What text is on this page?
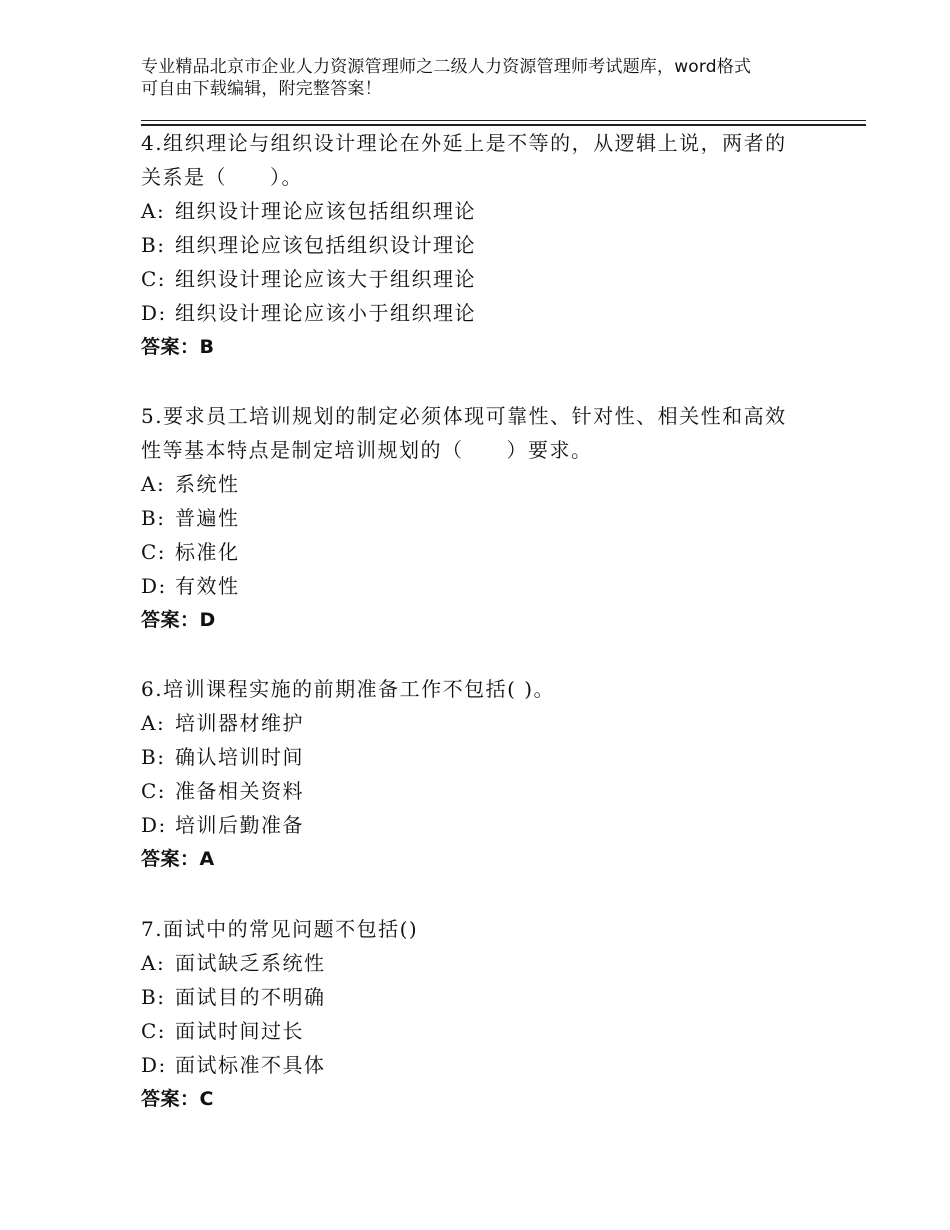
专业精品北京市企业人力资源管理师之二级人力资源管理师考试题库，word格式
可自由下载编辑，附完整答案！
4.组织理论与组织设计理论在外延上是不等的，从逻辑上说，两者的
关系是（　　）。
A: 组织设计理论应该包括组织理论
B: 组织理论应该包括组织设计理论
C: 组织设计理论应该大于组织理论
D: 组织设计理论应该小于组织理论
答案：B
5.要求员工培训规划的制定必须体现可靠性、针对性、相关性和高效
性等基本特点是制定培训规划的（　　）要求。
A: 系统性
B: 普遍性
C: 标准化
D: 有效性
答案：D
6.培训课程实施的前期准备工作不包括( )。
A: 培训器材维护
B: 确认培训时间
C: 准备相关资料
D: 培训后勤准备
答案：A
7.面试中的常见问题不包括()
A: 面试缺乏系统性
B: 面试目的不明确
C: 面试时间过长
D: 面试标准不具体
答案：C
